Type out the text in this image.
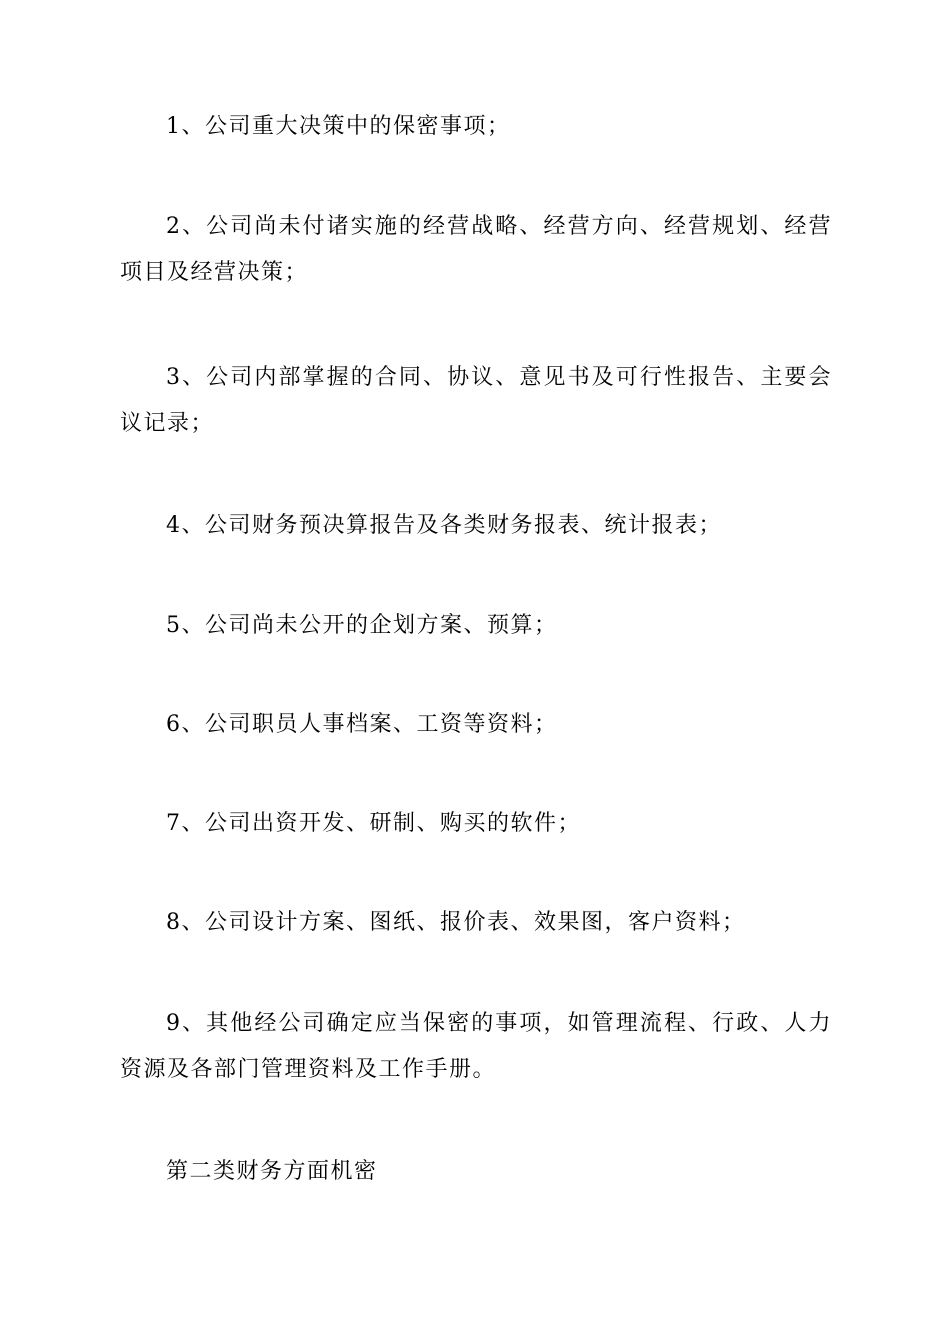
1、公司重大决策中的保密事项；

2、公司尚未付诸实施的经营战略、经营方向、经营规划、经营项目及经营决策；

3、公司内部掌握的合同、协议、意见书及可行性报告、主要会议记录；

4、公司财务预决算报告及各类财务报表、统计报表；

5、公司尚未公开的企划方案、预算；

6、公司职员人事档案、工资等资料；

7、公司出资开发、研制、购买的软件；

8、公司设计方案、图纸、报价表、效果图，客户资料；

9、其他经公司确定应当保密的事项，如管理流程、行政、人力资源及各部门管理资料及工作手册。

第二类财务方面机密
